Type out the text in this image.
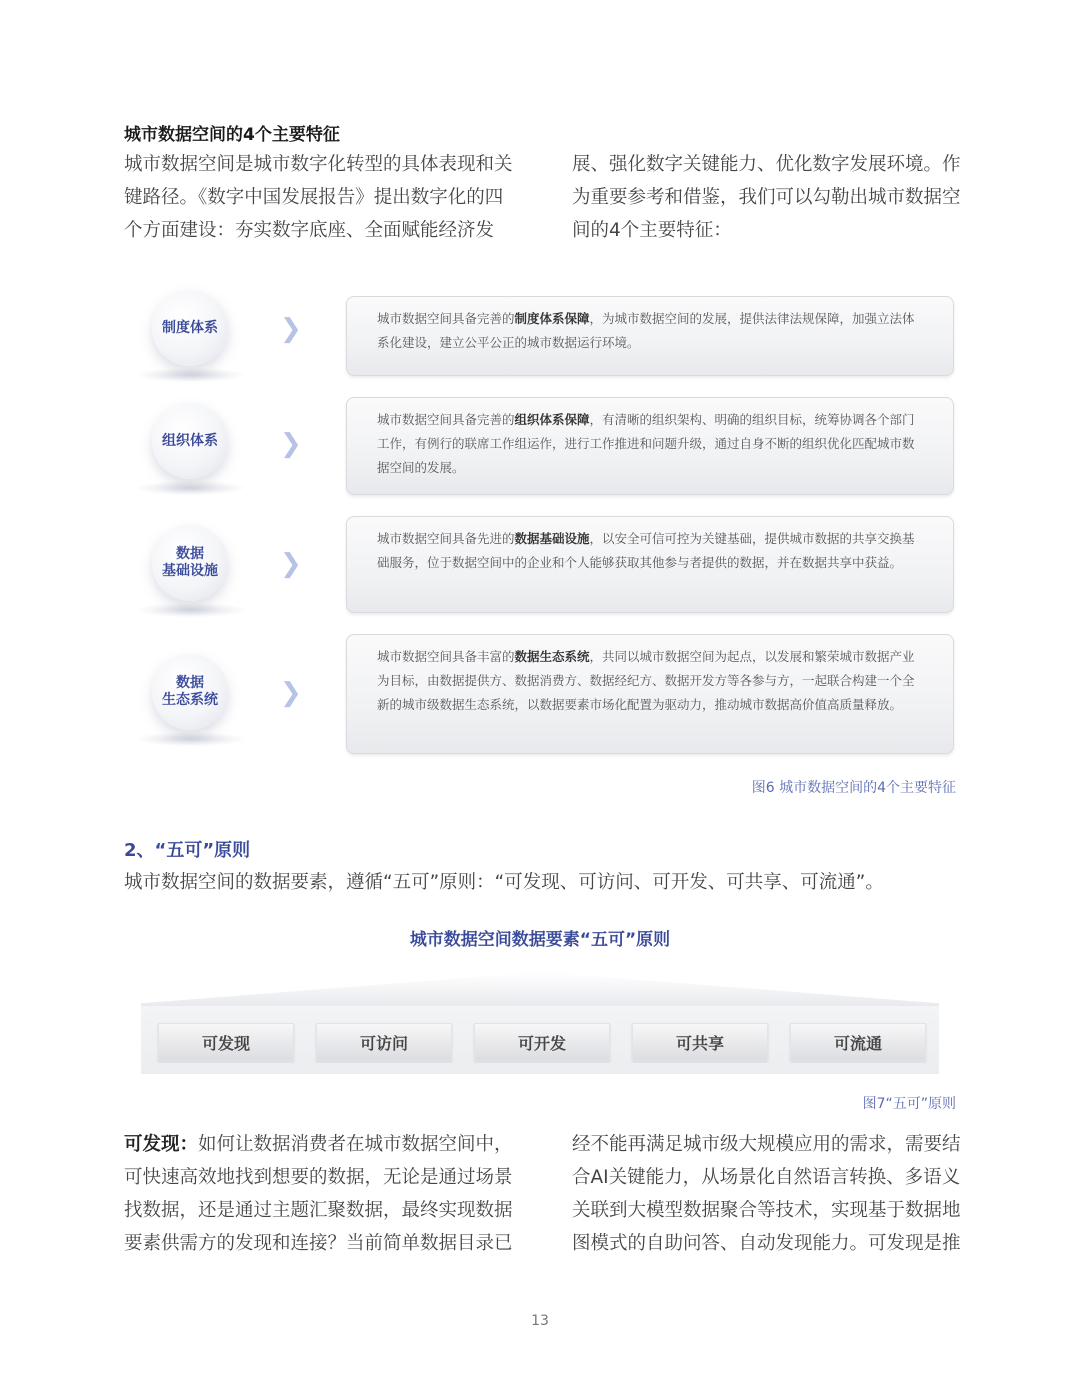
城市数据空间的4个主要特征
城市数据空间是城市数字化转型的具体表现和关
键路径。《数字中国发展报告》提出数字化的四
个方面建设：夯实数字底座、全面赋能经济发
展、强化数字关键能力、优化数字发展环境。作
为重要参考和借鉴，我们可以勾勒出城市数据空
间的4个主要特征：
制度体系 ❯	城市数据空间具备完善的制度体系保障，为城市数据空间的发展，提供法律法规保障，加强立法体系化建设，建立公平公正的城市数据运行环境。
组织体系 ❯
城市数据空间具备完善的组织体系保障，有清晰的组织架构、明确的组织目标，统筹协调各个部门工作，有例行的联席工作组运作，进行工作推进和问题升级，通过自身不断的组织优化匹配城市数据空间的发展。
数据
基础设施 ❯
城市数据空间具备先进的数据基础设施，以安全可信可控为关键基础，提供城市数据的共享交换基础服务，位于数据空间中的企业和个人能够获取其他参与者提供的数据，并在数据共享中获益。
数据
生态系统 ❯
城市数据空间具备丰富的数据生态系统，共同以城市数据空间为起点，以发展和繁荣城市数据产业为目标，由数据提供方、数据消费方、数据经纪方、数据开发方等各参与方，一起联合构建一个全新的城市级数据生态系统，以数据要素市场化配置为驱动力，推动城市数据高价值高质量释放。
图6 城市数据空间的4个主要特征
2、“五可”原则
城市数据空间的数据要素，遵循“五可”原则：“可发现、可访问、可开发、可共享、可流通”。
城市数据空间数据要素“五可”原则
可发现	可访问	可开发	可共享	可流通
图7“五可”原则
可发现：如何让数据消费者在城市数据空间中，
可快速高效地找到想要的数据，无论是通过场景
找数据，还是通过主题汇聚数据，最终实现数据
要素供需方的发现和连接？当前简单数据目录已
经不能再满足城市级大规模应用的需求，需要结
合AI关键能力，从场景化自然语言转换、多语义
关联到大模型数据聚合等技术，实现基于数据地
图模式的自助问答、自动发现能力。可发现是推
13
